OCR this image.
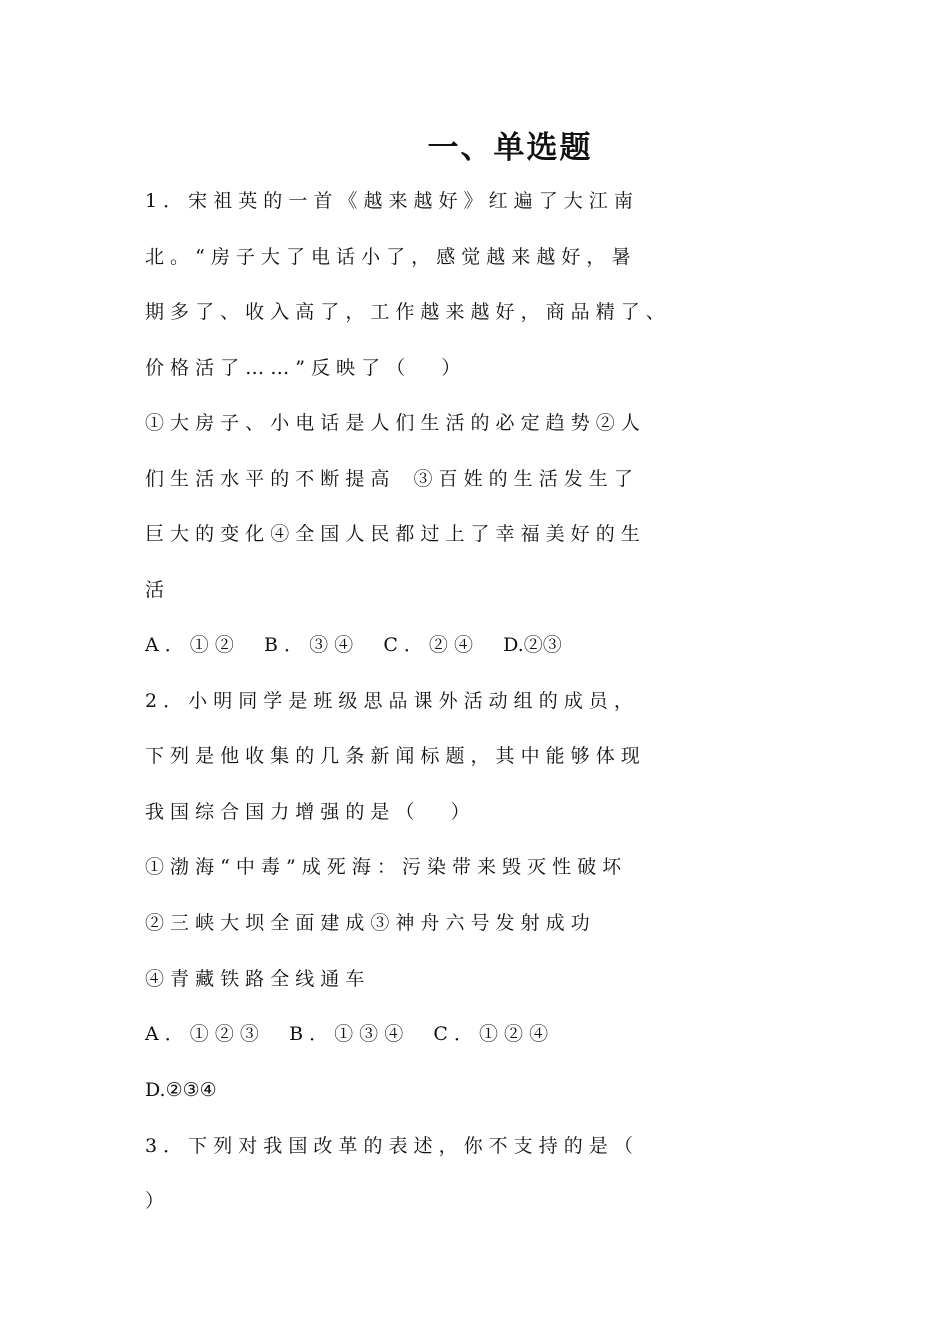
一、单选题
1 ． 宋 祖 英 的 一 首 《 越 来 越 好 》 红 遍 了 大 江 南
北 。 “ 房 子 大 了 电 话 小 了 ， 感 觉 越 来 越 好 ， 暑
期 多 了 、 收 入 高 了 ， 工 作 越 来 越 好 ， 商 品 精 了 、
价 格 活 了 … … ” 反 映 了 （      ）
① 大 房 子 、 小 电 话 是 人 们 生 活 的 必 定 趋 势 ② 人
们 生 活 水 平 的 不 断 提 高    ③ 百 姓 的 生 活 发 生 了
巨 大 的 变 化 ④ 全 国 人 民 都 过 上 了 幸 福 美 好 的 生
活
A ． ① ②     B ． ③ ④     C ． ② ④     D.②③
2 ． 小 明 同 学 是 班 级 思 品 课 外 活 动 组 的 成 员 ，
下 列 是 他 收 集 的 几 条 新 闻 标 题 ， 其 中 能 够 体 现
我 国 综 合 国 力 增 强 的 是 （      ）
① 渤 海 “ 中 毒 ” 成 死 海 ： 污 染 带 来 毁 灭 性 破 坏
② 三 峡 大 坝 全 面 建 成 ③ 神 舟 六 号 发 射 成 功
④ 青 藏 铁 路 全 线 通 车
A ． ① ② ③     B ． ① ③ ④     C ． ① ② ④
D.②③④
3 ． 下 列 对 我 国 改 革 的 表 述 ， 你 不 支 持 的 是 （
）
